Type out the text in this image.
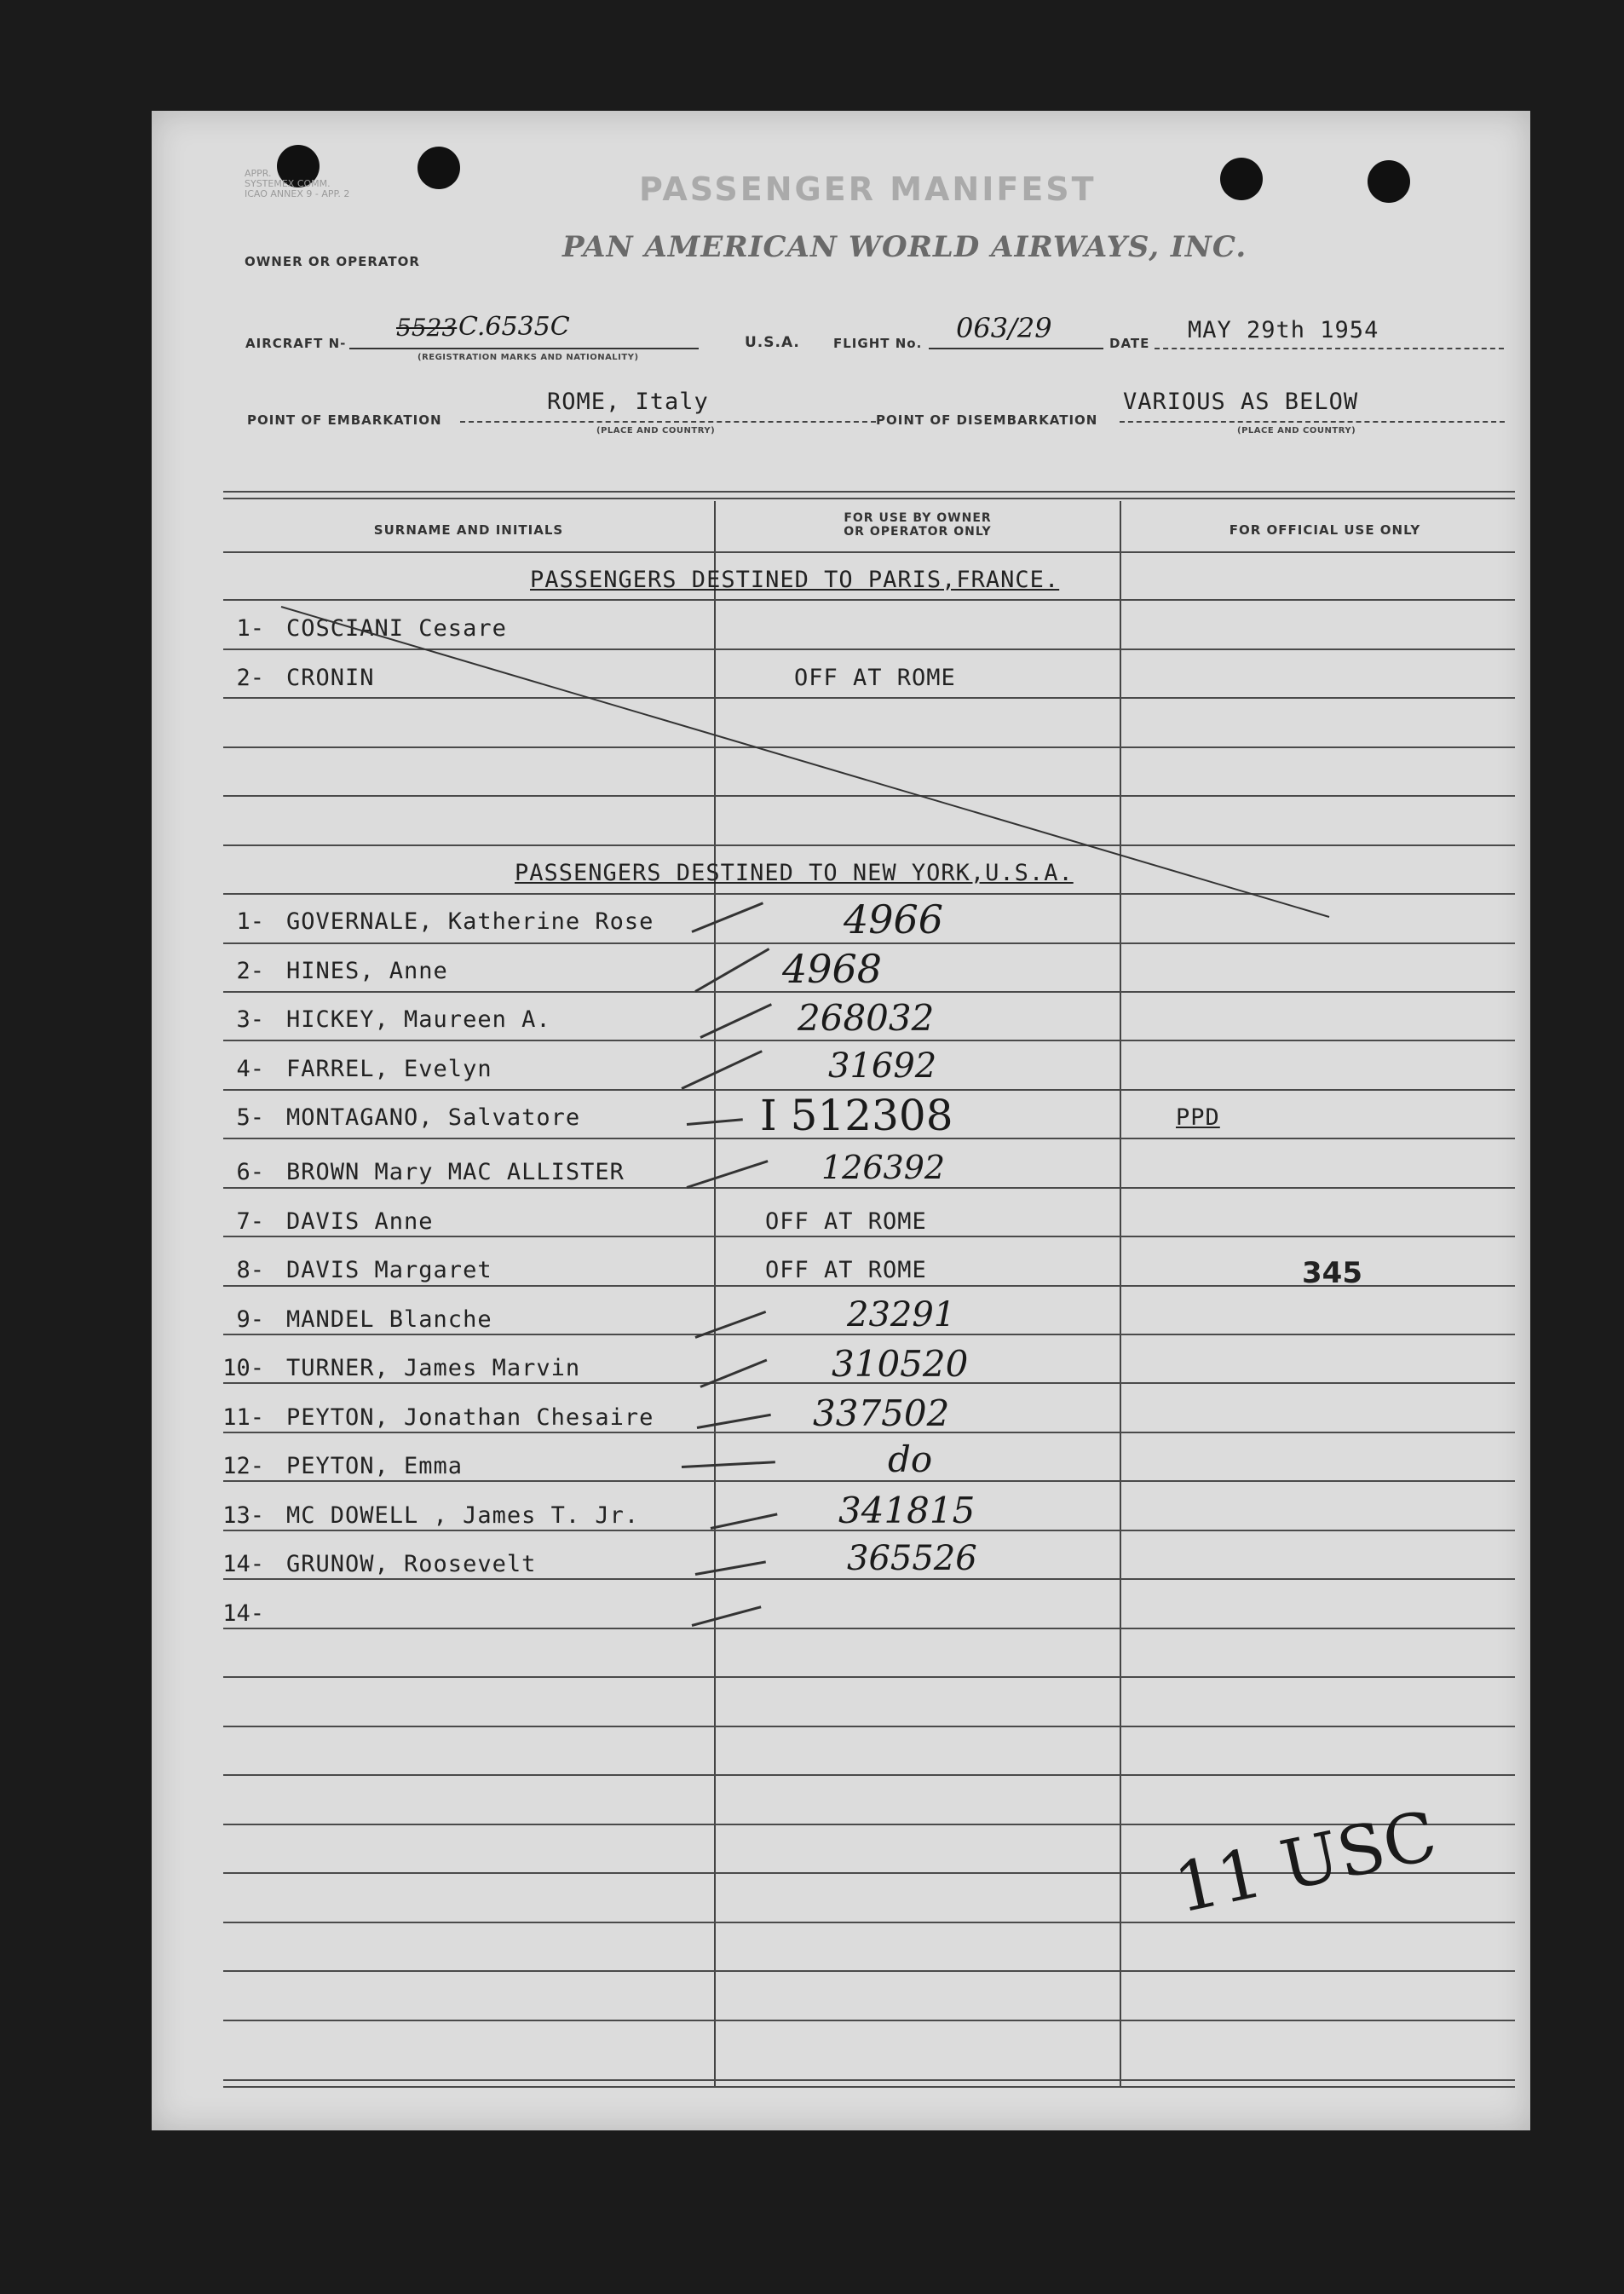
APPR.
SYSTEMEX COMM.
ICAO ANNEX 9 - APP. 2	PASSENGER MANIFEST
OWNER OR OPERATOR	PAN AMERICAN WORLD AIRWAYS, INC.
AIRCRAFT N-
5523 C.6535C
(REGISTRATION MARKS AND NATIONALITY)
U.S.A.	FLIGHT No. 063/29	DATE MAY 29th 1954
POINT OF EMBARKATION
ROME, Italy
(PLACE AND COUNTRY)
POINT OF DISEMBARKATION
VARIOUS AS BELOW
(PLACE AND COUNTRY)
SURNAME AND INITIALS
FOR USE BY OWNER
OR OPERATOR ONLY	FOR OFFICIAL USE ONLY
PASSENGERS DESTINED TO PARIS,FRANCE.
1- COSCIANI Cesare
2- CRONIN	OFF AT ROME
PASSENGERS DESTINED TO NEW YORK,U.S.A.
1- GOVERNALE, Katherine Rose	4966
2- HINES, Anne	4968
3- HICKEY, Maureen A.	268032
4- FARREL, Evelyn	31692
5- MONTAGANO, Salvatore	I 512308	PPD
6- BROWN Mary MAC ALLISTER	126392
7- DAVIS Anne	OFF AT ROME
8- DAVIS Margaret	OFF AT ROME	345
9- MANDEL Blanche	23291
10- TURNER, James Marvin	310520
11- PEYTON, Jonathan Chesaire	337502
12- PEYTON, Emma	do
13- MC DOWELL , James T. Jr.	341815
14- GRUNOW, Roosevelt	365526
11 USC
14-
